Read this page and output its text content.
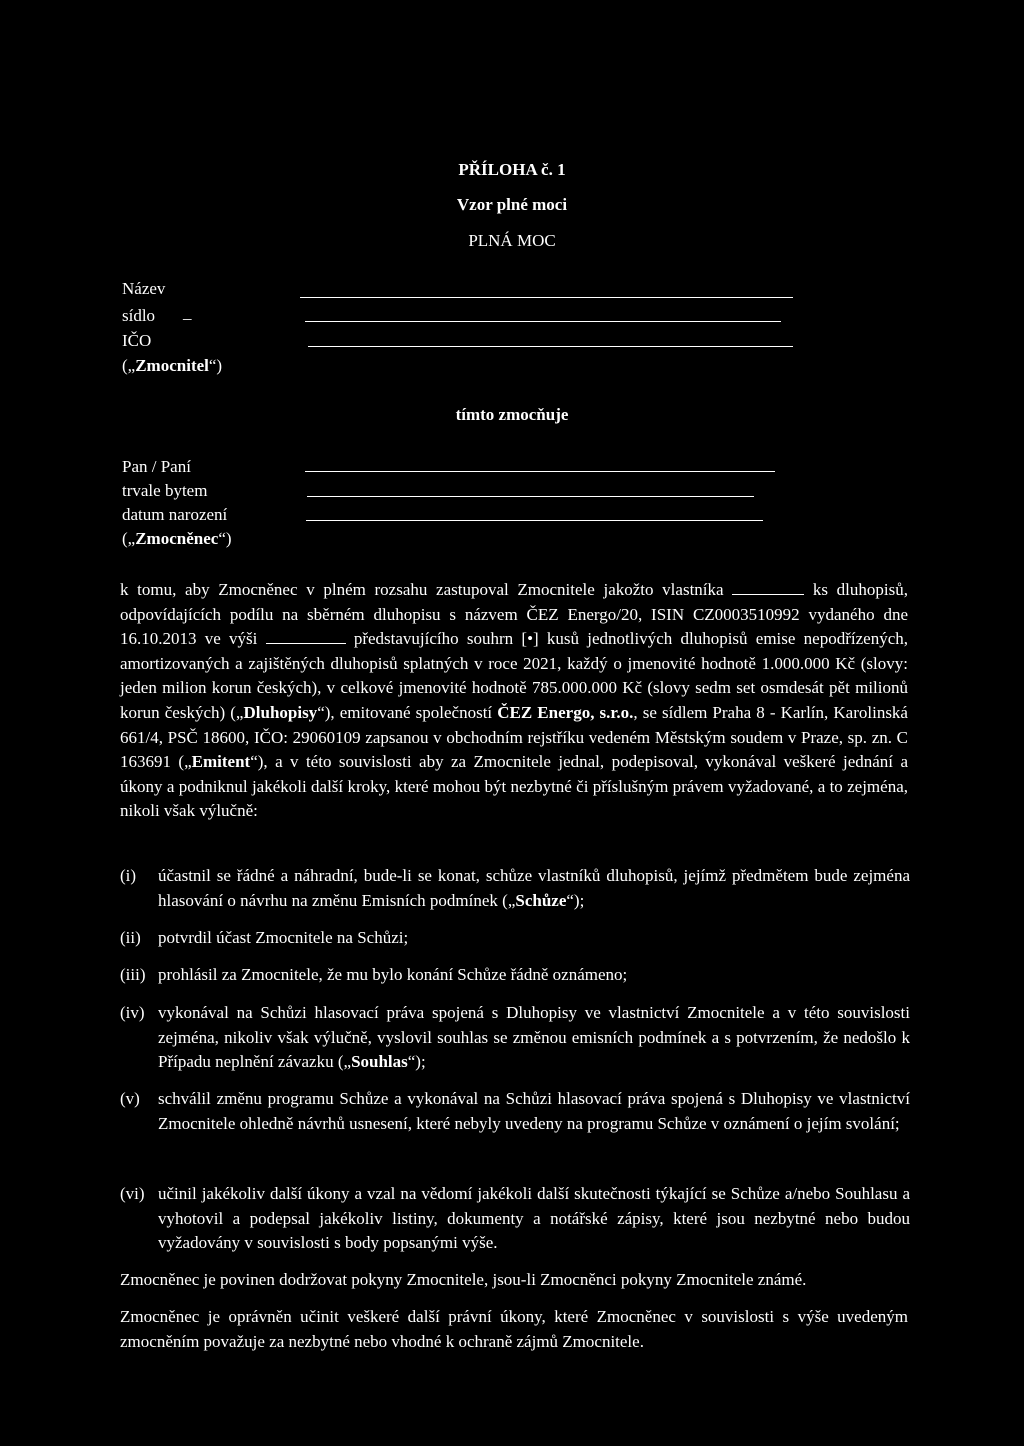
PŘÍLOHA č. 1
Vzor plné moci
PLNÁ MOC
Název
sídlo _
IČO
(„Zmocnitel“)
tímto zmocňuje
Pan / Paní
trvale bytem
datum narození
(„Zmocněnec“)
k tomu, aby Zmocněnec v plném rozsahu zastupoval Zmocnitele jakožto vlastníka	ks dluhopisů, odpovídajících podílu na sběrném dluhopisu s názvem ČEZ Energo/20, ISIN CZ0003510992 vydaného dne 16.10.2013 ve výši	představujícího souhrn [•] kusů jednotlivých dluhopisů emise nepodřízených, amortizovaných a zajištěných dluhopisů splatných v roce 2021, každý o jmenovité hodnotě 1.000.000 Kč (slovy: jeden milion korun českých), v celkové jmenovité hodnotě 785.000.000 Kč (slovy sedm set osmdesát pět milionů korun českých) („Dluhopisy“), emitované společností ČEZ Energo, s.r.o., se sídlem Praha 8 - Karlín, Karolinská 661/4, PSČ 18600, IČO: 29060109 zapsanou v obchodním rejstříku vedeném Městským soudem v Praze, sp. zn. C 163691 („Emitent“), a v této souvislosti aby za Zmocnitele jednal, podepisoval, vykonával veškeré jednání a úkony a podniknul jakékoli další kroky, které mohou být nezbytné či příslušným právem vyžadované, a to zejména, nikoli však výlučně:
(i)	účastnil se řádné a náhradní, bude-li se konat, schůze vlastníků dluhopisů, jejímž předmětem bude zejména hlasování o návrhu na změnu Emisních podmínek („Schůze“);
(ii)	potvrdil účast Zmocnitele na Schůzi;
(iii) prohlásil za Zmocnitele, že mu bylo konání Schůze řádně oznámeno;
(iv) vykonával na Schůzi hlasovací práva spojená s Dluhopisy ve vlastnictví Zmocnitele a v této souvislosti zejména, nikoliv však výlučně, vyslovil souhlas se změnou emisních podmínek a s potvrzením, že nedošlo k Případu neplnění závazku („Souhlas“);
(v)	schválil změnu programu Schůze a vykonával na Schůzi hlasovací práva spojená s Dluhopisy ve vlastnictví Zmocnitele ohledně návrhů usnesení, které nebyly uvedeny na programu Schůze v oznámení o jejím svolání;
(vi) učinil jakékoliv další úkony a vzal na vědomí jakékoli další skutečnosti týkající se Schůze a/nebo Souhlasu a vyhotovil a podepsal jakékoliv listiny, dokumenty a notářské zápisy, které jsou nezbytné nebo budou vyžadovány v souvislosti s body popsanými výše.
Zmocněnec je povinen dodržovat pokyny Zmocnitele, jsou-li Zmocněnci pokyny Zmocnitele známé.
Zmocněnec je oprávněn učinit veškeré další právní úkony, které Zmocněnec v souvislosti s výše uvedeným zmocněním považuje za nezbytné nebo vhodné k ochraně zájmů Zmocnitele.
